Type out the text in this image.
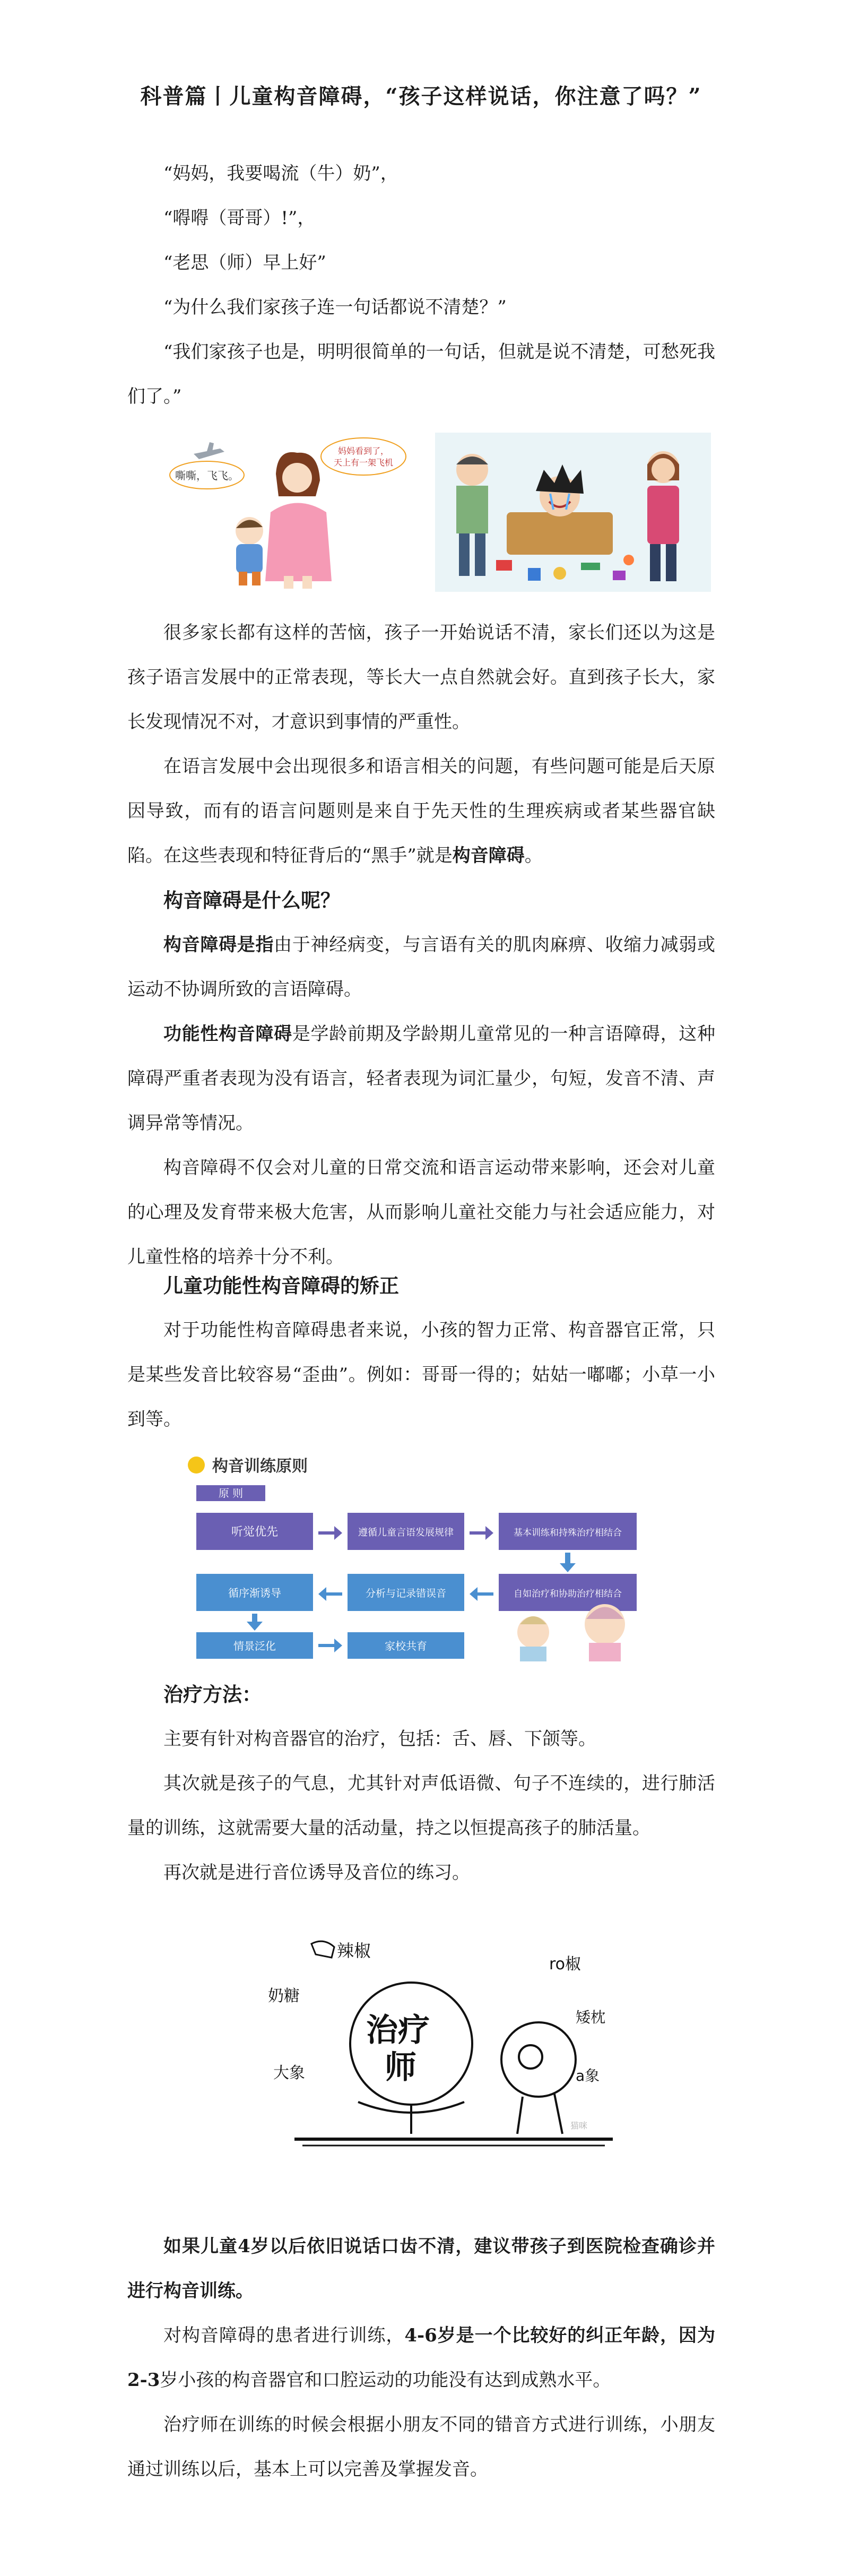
科普篇丨儿童构音障碍，“孩子这样说话，你注意了吗？”

“妈妈，我要喝流（牛）奶”，

“嘚嘚（哥哥）!”，

“老思（师）早上好”

“为什么我们家孩子连一句话都说不清楚？”

“我们家孩子也是，明明很简单的一句话，但就是说不清楚，可愁死我们了。”

嘶嘶，飞飞。
妈妈看到了，
天上有一架飞机

很多家长都有这样的苦恼，孩子一开始说话不清，家长们还以为这是孩子语言发展中的正常表现，等长大一点自然就会好。直到孩子长大，家长发现情况不对，才意识到事情的严重性。

在语言发展中会出现很多和语言相关的问题，有些问题可能是后天原因导致，而有的语言问题则是来自于先天性的生理疾病或者某些器官缺陷。在这些表现和特征背后的“黑手”就是构音障碍。

构音障碍是什么呢？

构音障碍是指由于神经病变，与言语有关的肌肉麻痹、收缩力减弱或运动不协调所致的言语障碍。

功能性构音障碍是学龄前期及学龄期儿童常见的一种言语障碍，这种障碍严重者表现为没有语言，轻者表现为词汇量少，句短，发音不清、声调异常等情况。

构音障碍不仅会对儿童的日常交流和语言运动带来影响，还会对儿童的心理及发育带来极大危害，从而影响儿童社交能力与社会适应能力，对儿童性格的培养十分不利。

儿童功能性构音障碍的矫正

对于功能性构音障碍患者来说，小孩的智力正常、构音器官正常，只是某些发音比较容易“歪曲”。例如：哥哥一得的；姑姑一嘟嘟；小草一小到等。

构音训练原则
原 则
听觉优先	遵循儿童言语发展规律	基本训练和持殊治疗相结合
循序渐诱导	分析与记录错误音	自如治疗和协助治疗相结合
情景泛化	家校共育

治疗方法：

主要有针对构音器官的治疗，包括：舌、唇、下颌等。

其次就是孩子的气息，尤其针对声低语微、句子不连续的，进行肺活量的训练，这就需要大量的活动量，持之以恒提高孩子的肺活量。

再次就是进行音位诱导及音位的练习。

辣椒
治疗
师
奶糖
大象
ro椒
矮枕
a象
猫咪

如果儿童4岁以后依旧说话口齿不清，建议带孩子到医院检查确诊并进行构音训练。

对构音障碍的患者进行训练，4-6岁是一个比较好的纠正年龄，因为2-3岁小孩的构音器官和口腔运动的功能没有达到成熟水平。

治疗师在训练的时候会根据小朋友不同的错音方式进行训练，小朋友通过训练以后，基本上可以完善及掌握发音。
